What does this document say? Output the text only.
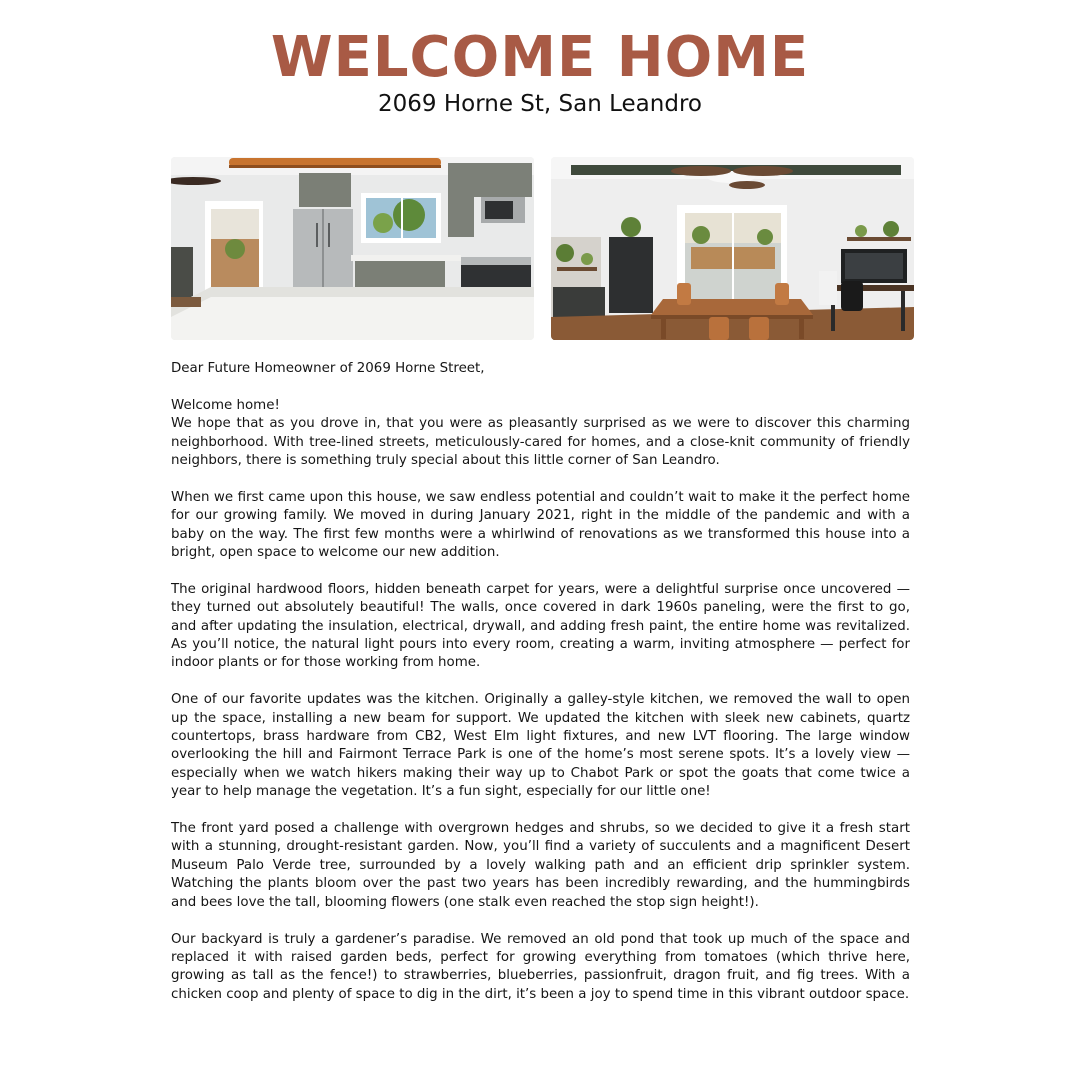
WELCOME HOME
2069 Horne St, San Leandro

Dear Future Homeowner of 2069 Horne Street,

Welcome home!

We hope that as you drove in, that you were as pleasantly surprised as we were to discover this charming neighborhood. With tree-lined streets, meticulously-cared for homes, and a close-knit community of friendly neighbors, there is something truly special about this little corner of San Leandro.

When we first came upon this house, we saw endless potential and couldn’t wait to make it the perfect home for our growing family. We moved in during January 2021, right in the middle of the pandemic and with a baby on the way. The first few months were a whirlwind of renovations as we transformed this house into a bright, open space to welcome our new addition.

The original hardwood floors, hidden beneath carpet for years, were a delightful surprise once uncovered — they turned out absolutely beautiful! The walls, once covered in dark 1960s paneling, were the first to go, and after updating the insulation, electrical, drywall, and adding fresh paint, the entire home was revitalized. As you’ll notice, the natural light pours into every room, creating a warm, inviting atmosphere — perfect for indoor plants or for those working from home.

One of our favorite updates was the kitchen. Originally a galley-style kitchen, we removed the wall to open up the space, installing a new beam for support. We updated the kitchen with sleek new cabinets, quartz countertops, brass hardware from CB2, West Elm light fixtures, and new LVT flooring. The large window overlooking the hill and Fairmont Terrace Park is one of the home’s most serene spots. It’s a lovely view — especially when we watch hikers making their way up to Chabot Park or spot the goats that come twice a year to help manage the vegetation. It’s a fun sight, especially for our little one!

The front yard posed a challenge with overgrown hedges and shrubs, so we decided to give it a fresh start with a stunning, drought-resistant garden. Now, you’ll find a variety of succulents and a magnificent Desert Museum Palo Verde tree, surrounded by a lovely walking path and an efficient drip sprinkler system. Watching the plants bloom over the past two years has been incredibly rewarding, and the hummingbirds and bees love the tall, blooming flowers (one stalk even reached the stop sign height!).

Our backyard is truly a gardener’s paradise. We removed an old pond that took up much of the space and replaced it with raised garden beds, perfect for growing everything from tomatoes (which thrive here, growing as tall as the fence!) to strawberries, blueberries, passionfruit, dragon fruit, and fig trees. With a chicken coop and plenty of space to dig in the dirt, it’s been a joy to spend time in this vibrant outdoor space.
